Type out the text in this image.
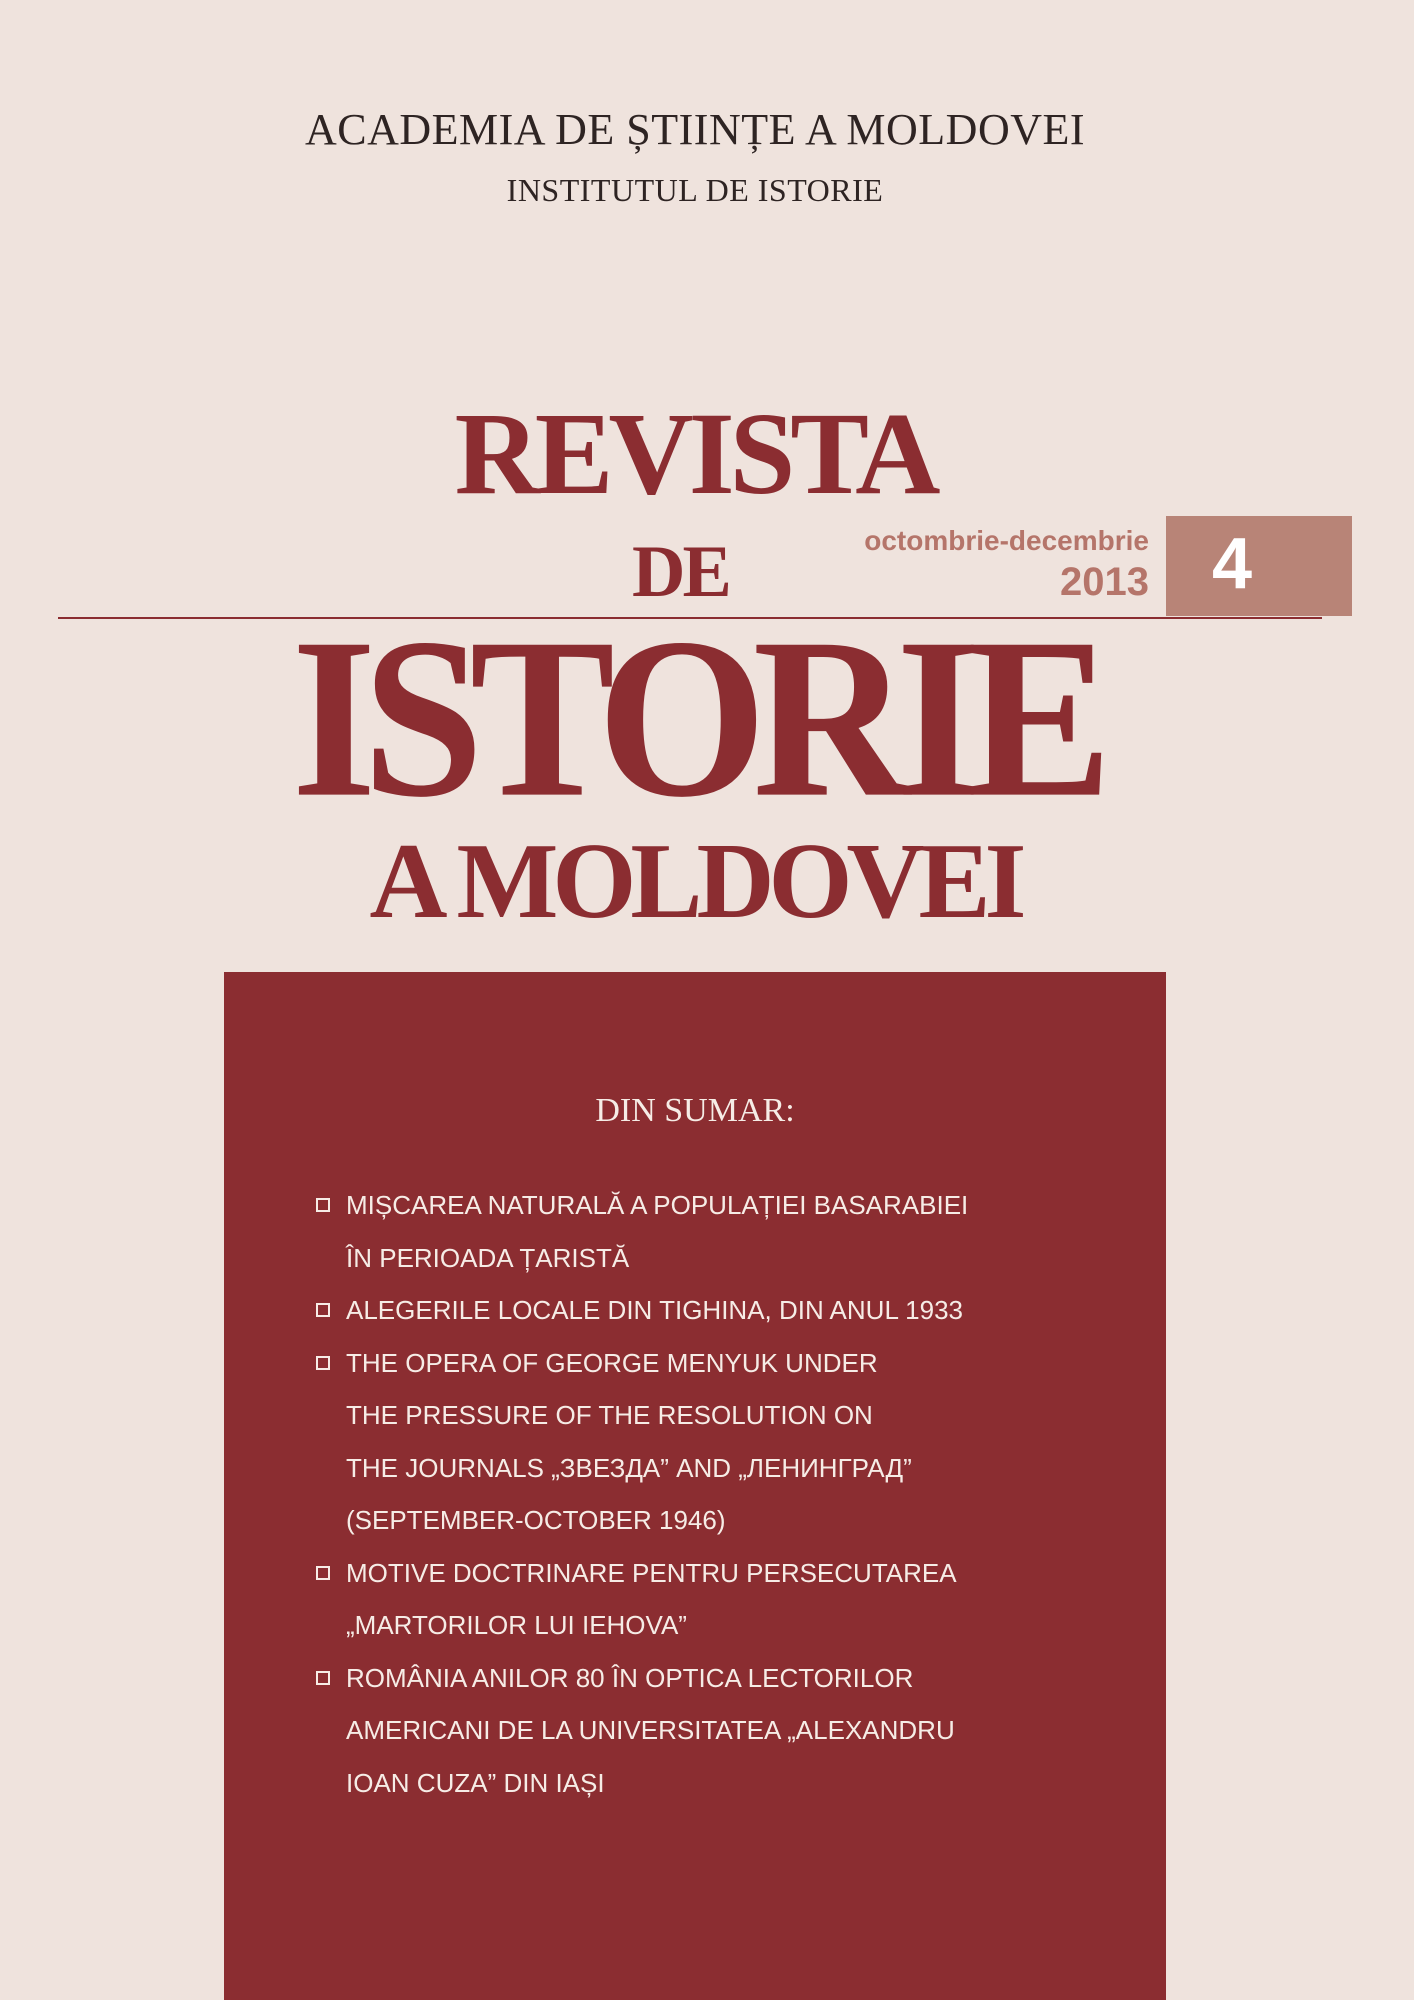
ACADEMIA DE ȘTIINȚE A MOLDOVEI
INSTITUTUL DE ISTORIE
REVISTA
DE	octombrie-decembrie
2013 4
ISTORIE
A MOLDOVEI
DIN SUMAR:
MIȘCAREA NATURALĂ A POPULAȚIEI BASARABIEI
ÎN PERIOADA ȚARISTĂ
ALEGERILE LOCALE DIN TIGHINA, DIN ANUL 1933
THE OPERA OF GEORGE MENYUK UNDER
THE PRESSURE OF THE RESOLUTION ON
THE JOURNALS „ЗВЕЗДА” AND „ЛЕНИНГРАД”
(SEPTEMBER-OCTOBER 1946)
MOTIVE DOCTRINARE PENTRU PERSECUTAREA
„MARTORILOR LUI IEHOVA”
ROMÂNIA ANILOR 80 ÎN OPTICA LECTORILOR
AMERICANI DE LA UNIVERSITATEA „ALEXANDRU
IOAN CUZA” DIN IAȘI
